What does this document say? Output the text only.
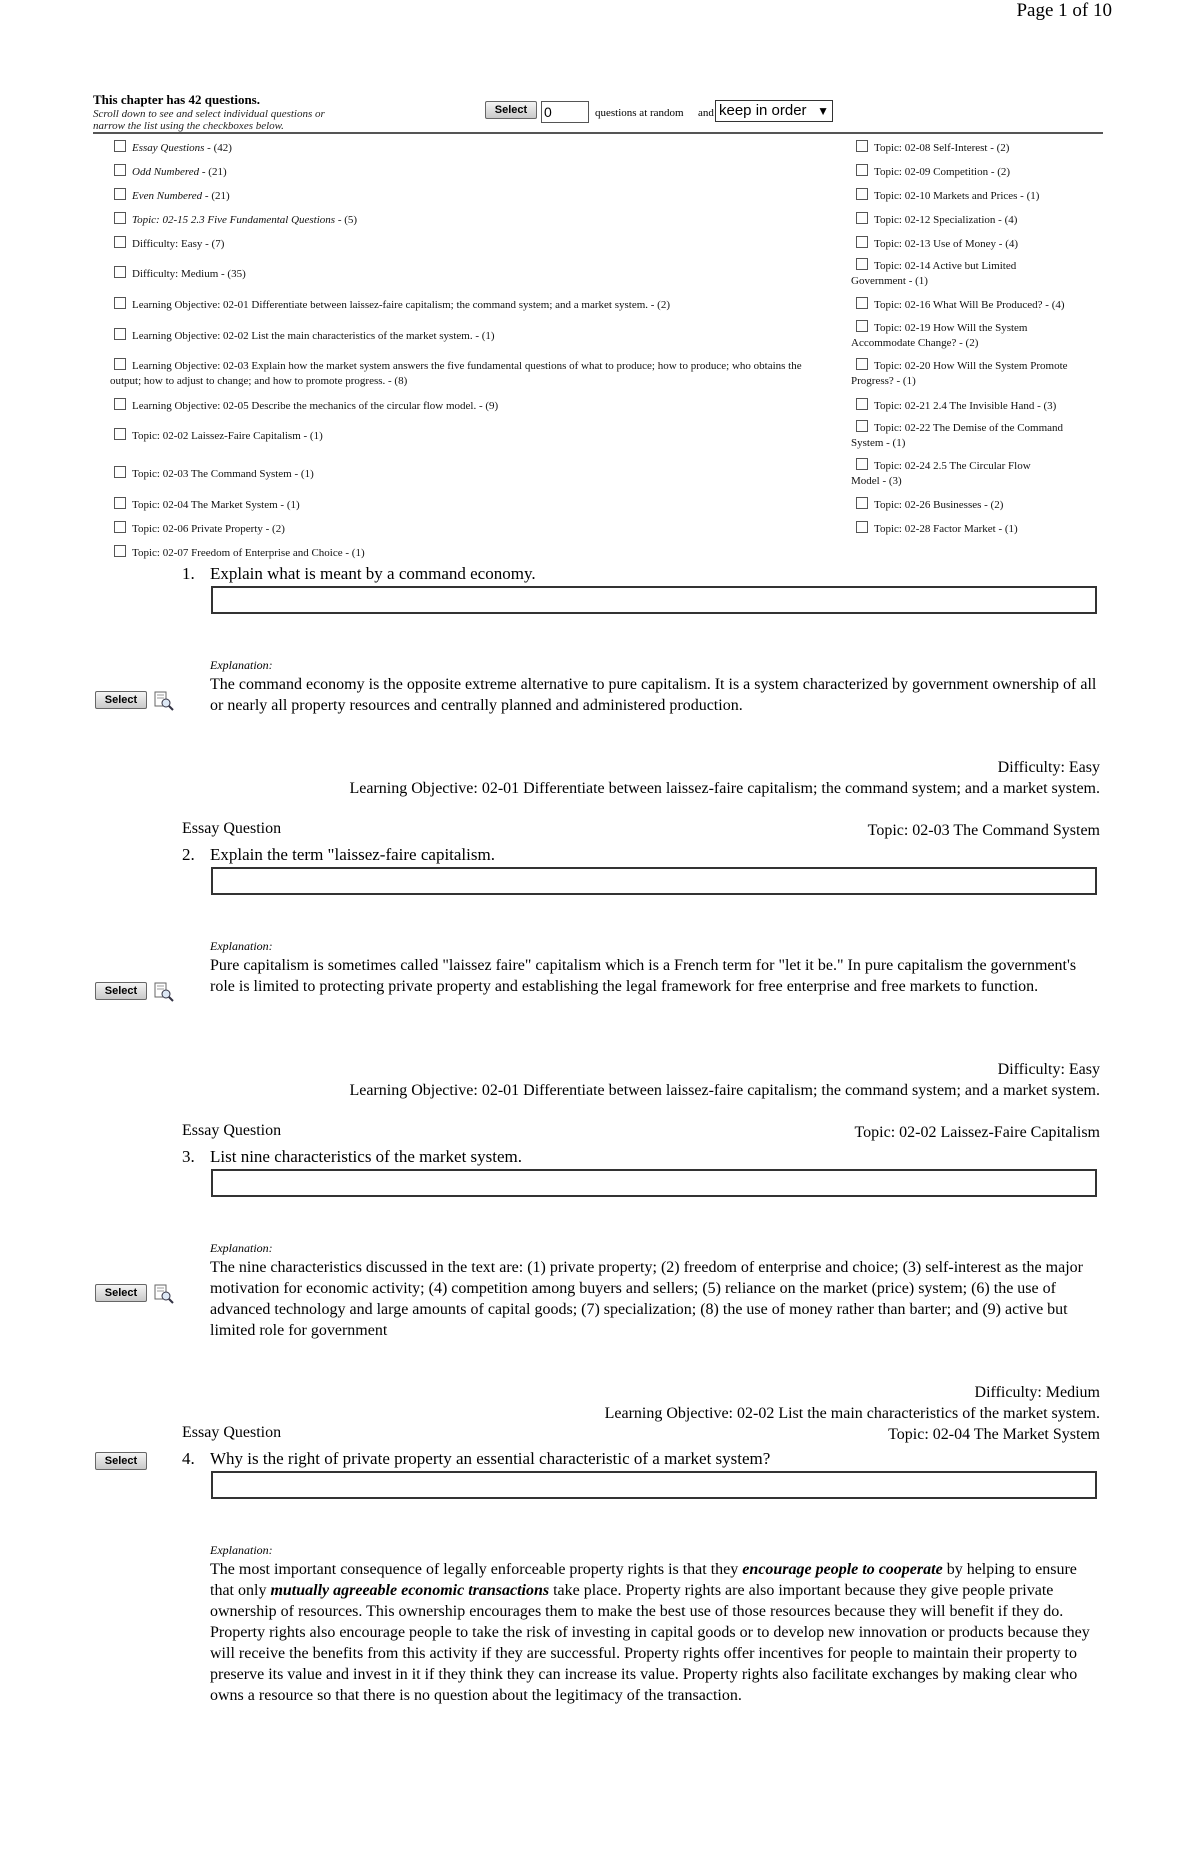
Page 1 of 10
This chapter has 42 questions.
Scroll down to see and select individual questions or narrow the list using the checkboxes below.
Select	0	questions at random and keep in order ▼
Essay Questions - (42)
Odd Numbered - (21)
Even Numbered - (21)
Topic: 02-15 2.3 Five Fundamental Questions - (5)
Difficulty: Easy - (7)
Difficulty: Medium - (35)
Learning Objective: 02-01 Differentiate between laissez-faire capitalism; the command system; and a market system. - (2)
Learning Objective: 02-02 List the main characteristics of the market system. - (1)
Learning Objective: 02-03 Explain how the market system answers the five fundamental questions of what to produce; how to produce; who obtains the output; how to adjust to change; and how to promote progress. - (8)
Learning Objective: 02-05 Describe the mechanics of the circular flow model. - (9)
Topic: 02-02 Laissez-Faire Capitalism - (1)
Topic: 02-03 The Command System - (1)
Topic: 02-04 The Market System - (1)
Topic: 02-06 Private Property - (2)
Topic: 02-07 Freedom of Enterprise and Choice - (1)
Topic: 02-08 Self-Interest - (2)
Topic: 02-09 Competition - (2)
Topic: 02-10 Markets and Prices - (1)
Topic: 02-12 Specialization - (4)
Topic: 02-13 Use of Money - (4)
Topic: 02-14 Active but Limited Government - (1)
Topic: 02-16 What Will Be Produced? - (4)
Topic: 02-19 How Will the System Accommodate Change? - (2)
Topic: 02-20 How Will the System Promote Progress? - (1)
Topic: 02-21 2.4 The Invisible Hand - (3)
Topic: 02-22 The Demise of the Command System - (1)
Topic: 02-24 2.5 The Circular Flow Model - (3)
Topic: 02-26 Businesses - (2)
Topic: 02-28 Factor Market - (1)
1. Explain what is meant by a command economy.
Explanation:
The command economy is the opposite extreme alternative to pure capitalism. It is a system characterized by government ownership of all or nearly all property resources and centrally planned and administered production.
Select
Difficulty: Easy
Learning Objective: 02-01 Differentiate between laissez-faire capitalism; the command system; and a market system.
Essay Question	Topic: 02-03 The Command System
2. Explain the term "laissez-faire capitalism.
Explanation:
Pure capitalism is sometimes called "laissez faire" capitalism which is a French term for "let it be." In pure capitalism the government's role is limited to protecting private property and establishing the legal framework for free enterprise and free markets to function.
Select
Difficulty: Easy
Learning Objective: 02-01 Differentiate between laissez-faire capitalism; the command system; and a market system.
Essay Question	Topic: 02-02 Laissez-Faire Capitalism
3. List nine characteristics of the market system.
Explanation:
The nine characteristics discussed in the text are: (1) private property; (2) freedom of enterprise and choice; (3) self-interest as the major motivation for economic activity; (4) competition among buyers and sellers; (5) reliance on the market (price) system; (6) the use of advanced technology and large amounts of capital goods; (7) specialization; (8) the use of money rather than barter; and (9) active but limited role for government
Select
Difficulty: Medium
Learning Objective: 02-02 List the main characteristics of the market system.
Essay Question	Topic: 02-04 The Market System
Select	4. Why is the right of private property an essential characteristic of a market system?
Explanation:
The most important consequence of legally enforceable property rights is that they encourage people to cooperate by helping to ensure that only mutually agreeable economic transactions take place. Property rights are also important because they give people private ownership of resources. This ownership encourages them to make the best use of those resources because they will benefit if they do. Property rights also encourage people to take the risk of investing in capital goods or to develop new innovation or products because they will receive the benefits from this activity if they are successful. Property rights offer incentives for people to maintain their property to preserve its value and invest in it if they think they can increase its value. Property rights also facilitate exchanges by making clear who owns a resource so that there is no question about the legitimacy of the transaction.
